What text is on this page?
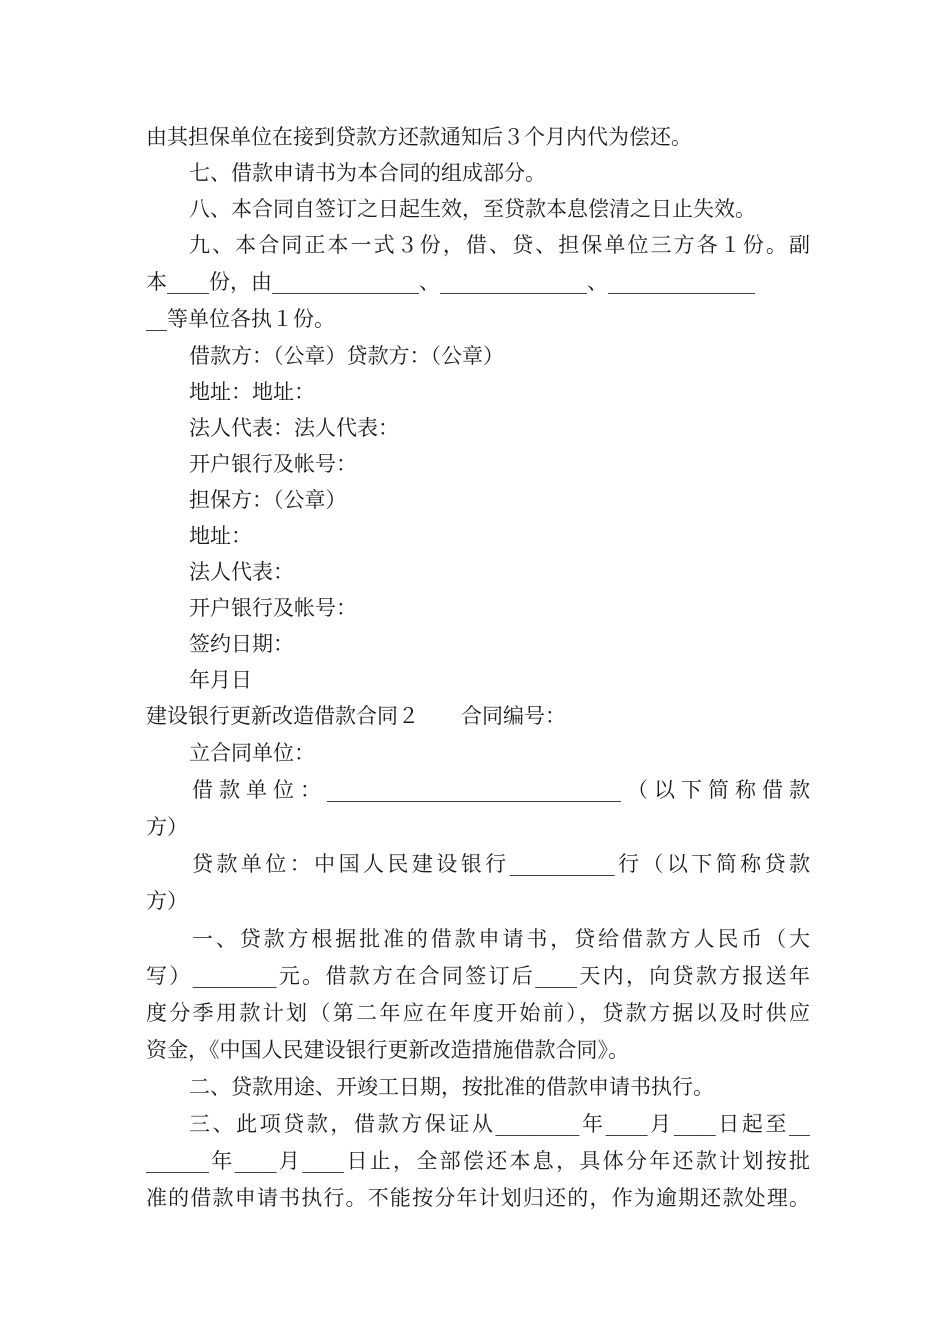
由其担保单位在接到贷款方还款通知后３个月内代为偿还。
七、借款申请书为本合同的组成部分。
八、本合同自签订之日起生效，至贷款本息偿清之日止失效。
九、本合同正本一式３份，借、贷、担保单位三方各１份。副
本____份，由______________、______________、______________
__等单位各执１份。
借款方：（公章）贷款方：（公章）
地址：地址：
法人代表：法人代表：
开户银行及帐号：
担保方：（公章）
地址：
法人代表：
开户银行及帐号：
签约日期：
年月日
建设银行更新改造借款合同２　　合同编号：
立合同单位：
借款单位：____________________________（以下简称借款
方）
贷款单位：中国人民建设银行__________行（以下简称贷款
方）
一、贷款方根据批准的借款申请书，贷给借款方人民币（大
写）________元。借款方在合同签订后____天内，向贷款方报送年
度分季用款计划（第二年应在年度开始前），贷款方据以及时供应
资金，《中国人民建设银行更新改造措施借款合同》。
二、贷款用途、开竣工日期，按批准的借款申请书执行。
三、此项贷款，借款方保证从________年____月____日起至__
______年____月____日止，全部偿还本息，具体分年还款计划按批
准的借款申请书执行。不能按分年计划归还的，作为逾期还款处理。
